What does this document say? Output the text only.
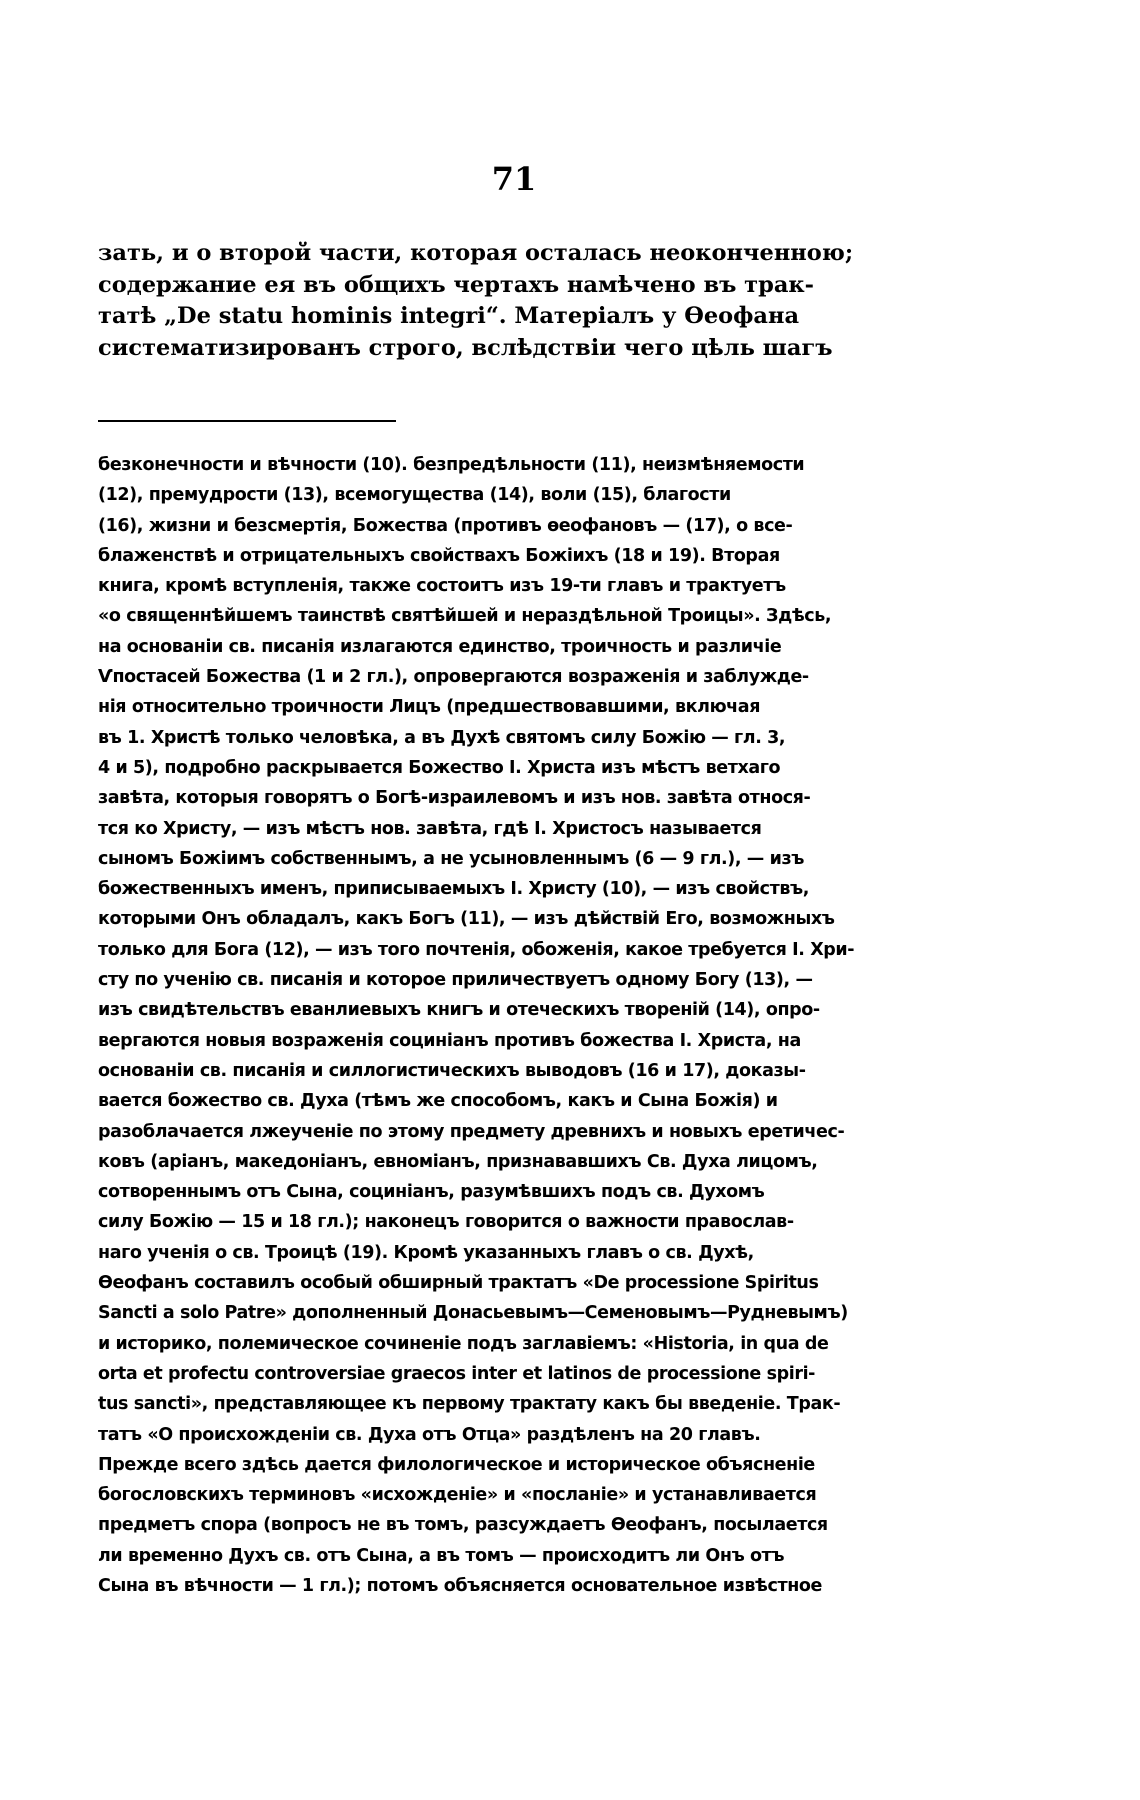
71
зать, и о второй части, которая осталась неоконченною;
содержание ея въ общихъ чертахъ намѣчено въ трак-
татѣ „De statu hominis integri“. Матеріалъ у Ѳеофана
систематизированъ строго, вслѣдствіи чего цѣль шагъ
безконечности и вѣчности (10). безпредѣльности (11), неизмѣняемости
(12), премудрости (13), всемогущества (14), воли (15), благости
(16), жизни и безсмертія, Божества (противъ ѳеофановъ — (17), о все-
блаженствѣ и отрицательныхъ свойствахъ Божіихъ (18 и 19). Вторая
книга, кромѣ вступленія, также состоитъ изъ 19-ти главъ и трактуетъ
«о священнѣйшемъ таинствѣ святѣйшей и нераздѣльной Троицы». Здѣсь,
на основаніи св. писанія излагаются единство, троичность и различіе
Ѵпостасей Божества (1 и 2 гл.), опровергаются возраженія и заблужде-
нія относительно троичности Лицъ (предшествовавшими, включая
въ 1. Христѣ только человѣка, а въ Духѣ святомъ силу Божію — гл. 3,
4 и 5), подробно раскрывается Божество І. Христа изъ мѣстъ ветхаго
завѣта, которыя говорятъ о Богѣ-израилевомъ и изъ нов. завѣта относя-
тся ко Христу, — изъ мѣстъ нов. завѣта, гдѣ І. Христосъ называется
сыномъ Божіимъ собственнымъ, а не усыновленнымъ (6 — 9 гл.), — изъ
божественныхъ именъ, приписываемыхъ І. Христу (10), — изъ свойствъ,
которыми Онъ обладалъ, какъ Богъ (11), — изъ дѣйствій Его, возможныхъ
только для Бога (12), — изъ того почтенія, обоженія, какое требуется І. Хри-
сту по ученію св. писанія и которое приличествуетъ одному Богу (13), —
изъ свидѣтельствъ еванлиевыхъ книгъ и отеческихъ твореній (14), опро-
вергаются новыя возраженія социніанъ противъ божества І. Христа, на
основаніи св. писанія и силлогистическихъ выводовъ (16 и 17), доказы-
вается божество св. Духа (тѣмъ же способомъ, какъ и Сына Божія) и
разоблачается лжеученіе по этому предмету древнихъ и новыхъ еретичес-
ковъ (аріанъ, македоніанъ, евноміанъ, признававшихъ Св. Духа лицомъ,
сотвореннымъ отъ Сына, социніанъ, разумѣвшихъ подъ св. Духомъ
силу Божію — 15 и 18 гл.); наконецъ говорится о важности православ-
наго ученія о св. Троицѣ (19). Кромѣ указанныхъ главъ о св. Духѣ,
Ѳеофанъ составилъ особый обширный трактатъ «De processione Spiritus
Sancti a solo Patre» дополненный Донасьевымъ—Семеновымъ—Рудневымъ)
и историко, полемическое сочиненіе подъ заглавіемъ: «Historia, in qua de
orta et profectu controversiae graecos inter et latinos de processione spiri-
tus sancti», представляющее къ первому трактату какъ бы введеніе. Трак-
татъ «О происхожденіи св. Духа отъ Отца» раздѣленъ на 20 главъ.
Прежде всего здѣсь дается филологическое и историческое объясненіе
богословскихъ терминовъ «исхожденіе» и «посланіе» и устанавливается
предметъ спора (вопросъ не въ томъ, разсуждаетъ Ѳеофанъ, посылается
ли временно Духъ св. отъ Сына, а въ томъ — происходитъ ли Онъ отъ
Сына въ вѣчности — 1 гл.); потомъ объясняется основательное извѣстное
